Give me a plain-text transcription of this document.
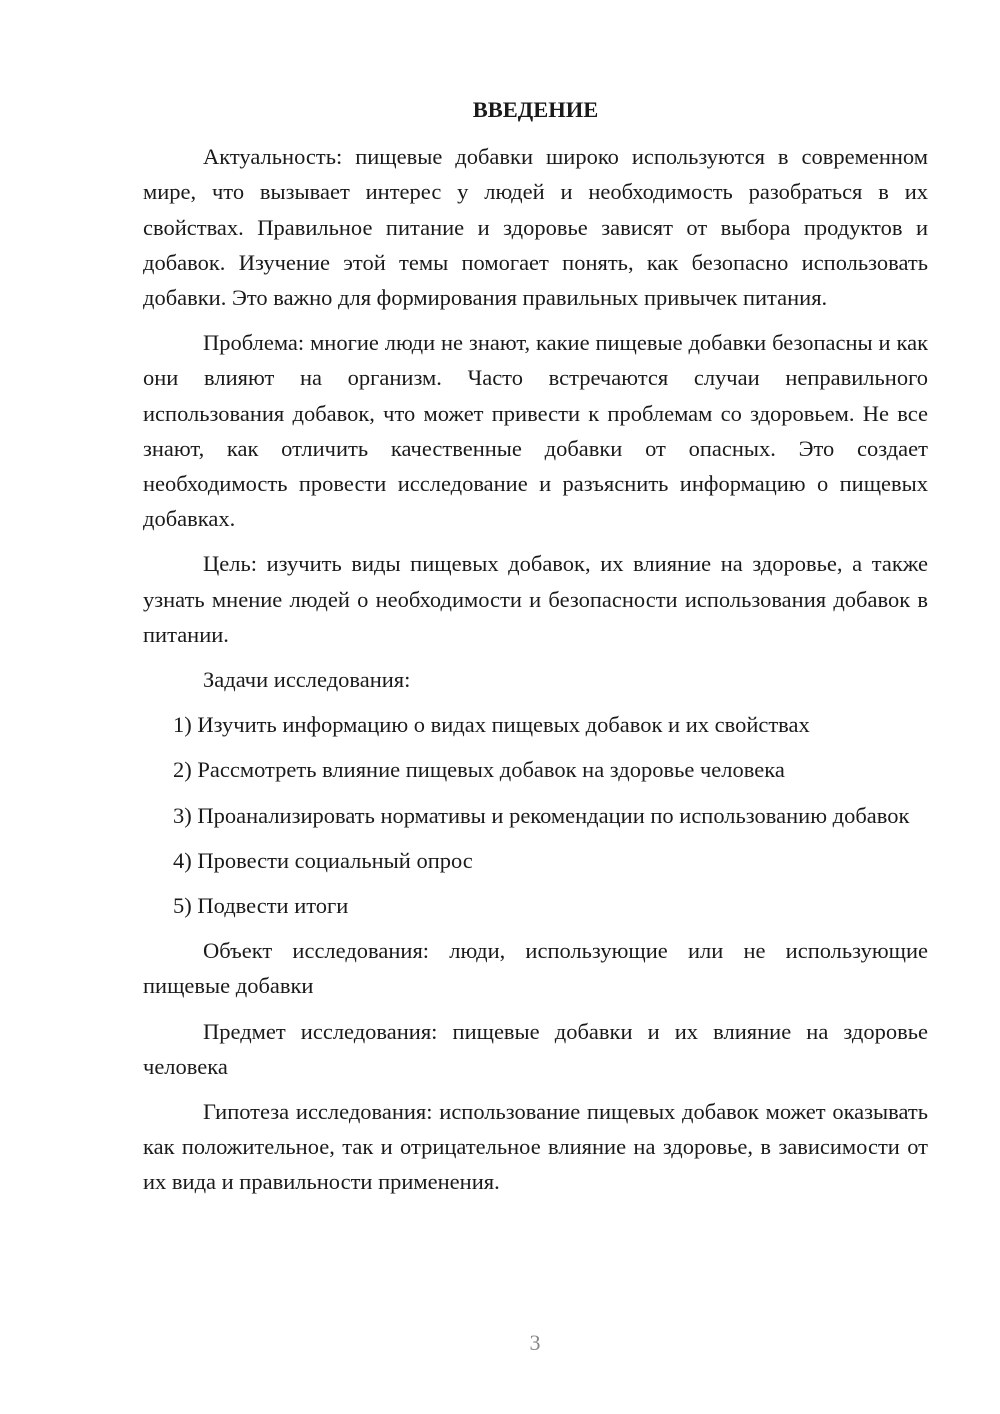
ВВЕДЕНИЕ

Актуальность: пищевые добавки широко используются в современном мире, что вызывает интерес у людей и необходимость разобраться в их свойствах. Правильное питание и здоровье зависят от выбора продуктов и добавок. Изучение этой темы помогает понять, как безопасно использовать добавки. Это важно для формирования правильных привычек питания.

Проблема: многие люди не знают, какие пищевые добавки безопасны и как они влияют на организм. Часто встречаются случаи неправильного использования добавок, что может привести к проблемам со здоровьем. Не все знают, как отличить качественные добавки от опасных. Это создает необходимость провести исследование и разъяснить информацию о пищевых добавках.

Цель: изучить виды пищевых добавок, их влияние на здоровье, а также узнать мнение людей о необходимости и безопасности использования добавок в питании.

Задачи исследования:

1) Изучить информацию о видах пищевых добавок и их свойствах

2) Рассмотреть влияние пищевых добавок на здоровье человека

3) Проанализировать нормативы и рекомендации по использованию добавок

4) Провести социальный опрос

5) Подвести итоги

Объект исследования: люди, использующие или не использующие пищевые добавки

Предмет исследования: пищевые добавки и их влияние на здоровье человека

Гипотеза исследования: использование пищевых добавок может оказывать как положительное, так и отрицательное влияние на здоровье, в зависимости от их вида и правильности применения.

3
